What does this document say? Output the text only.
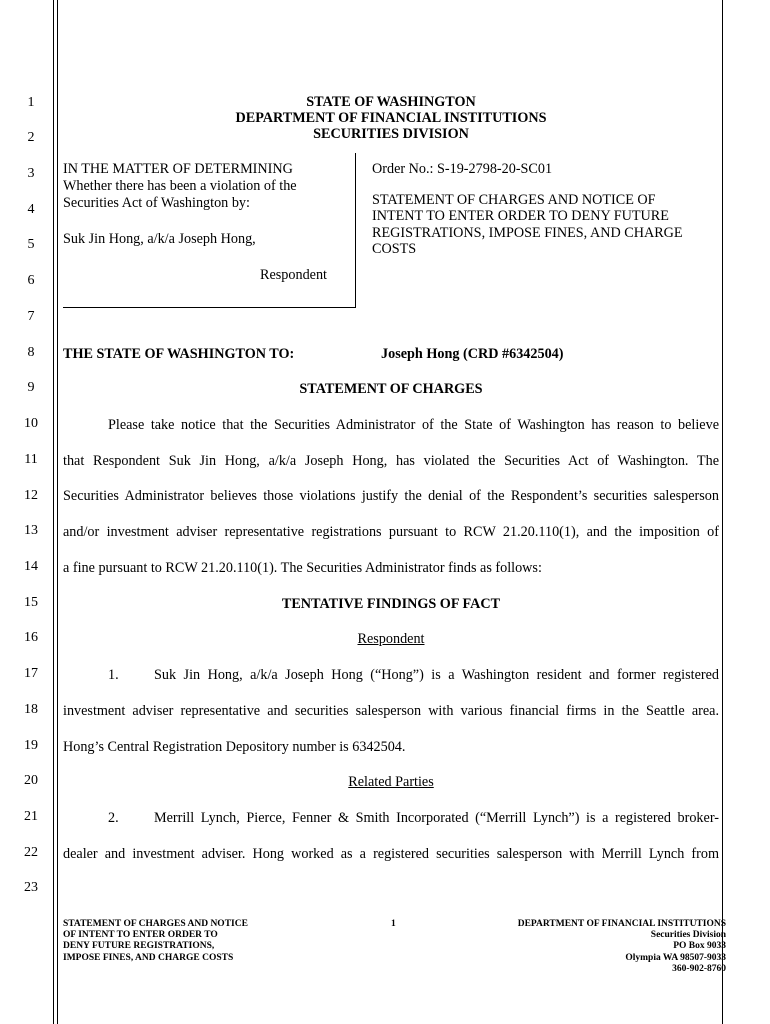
1
2
3
4
5
6
7
8
9
10
11
12
13
14
15
16
17
18
19
20
21
22
23
STATE OF WASHINGTON
DEPARTMENT OF FINANCIAL INSTITUTIONS
SECURITIES DIVISION
IN THE MATTER OF DETERMINING
Whether there has been a violation of the
Securities Act of Washington by:
Suk Jin Hong, a/k/a Joseph Hong,
Respondent
Order No.: S-19-2798-20-SC01
STATEMENT OF CHARGES AND NOTICE OF
INTENT TO ENTER ORDER TO DENY FUTURE
REGISTRATIONS, IMPOSE FINES, AND CHARGE
COSTS
THE STATE OF WASHINGTON TO:	Joseph Hong (CRD #6342504)
STATEMENT OF CHARGES
Please take notice that the Securities Administrator of the State of Washington has reason to believe
that Respondent Suk Jin Hong, a/k/a Joseph Hong, has violated the Securities Act of Washington. The
Securities Administrator believes those violations justify the denial of the Respondent’s securities salesperson
and/or investment adviser representative registrations pursuant to RCW 21.20.110(1), and the imposition of
a fine pursuant to RCW 21.20.110(1). The Securities Administrator finds as follows:
TENTATIVE FINDINGS OF FACT
Respondent
1. Suk Jin Hong, a/k/a Joseph Hong (“Hong”) is a Washington resident and former registered
investment adviser representative and securities salesperson with various financial firms in the Seattle area.
Hong’s Central Registration Depository number is 6342504.
Related Parties
2. Merrill Lynch, Pierce, Fenner & Smith Incorporated (“Merrill Lynch”) is a registered broker-
dealer and investment adviser. Hong worked as a registered securities salesperson with Merrill Lynch from
STATEMENT OF CHARGES AND NOTICE
OF INTENT TO ENTER ORDER TO
DENY FUTURE REGISTRATIONS,
IMPOSE FINES, AND CHARGE COSTS
1	DEPARTMENT OF FINANCIAL INSTITUTIONS
Securities Division
PO Box 9033
Olympia WA 98507-9033
360-902-8760
